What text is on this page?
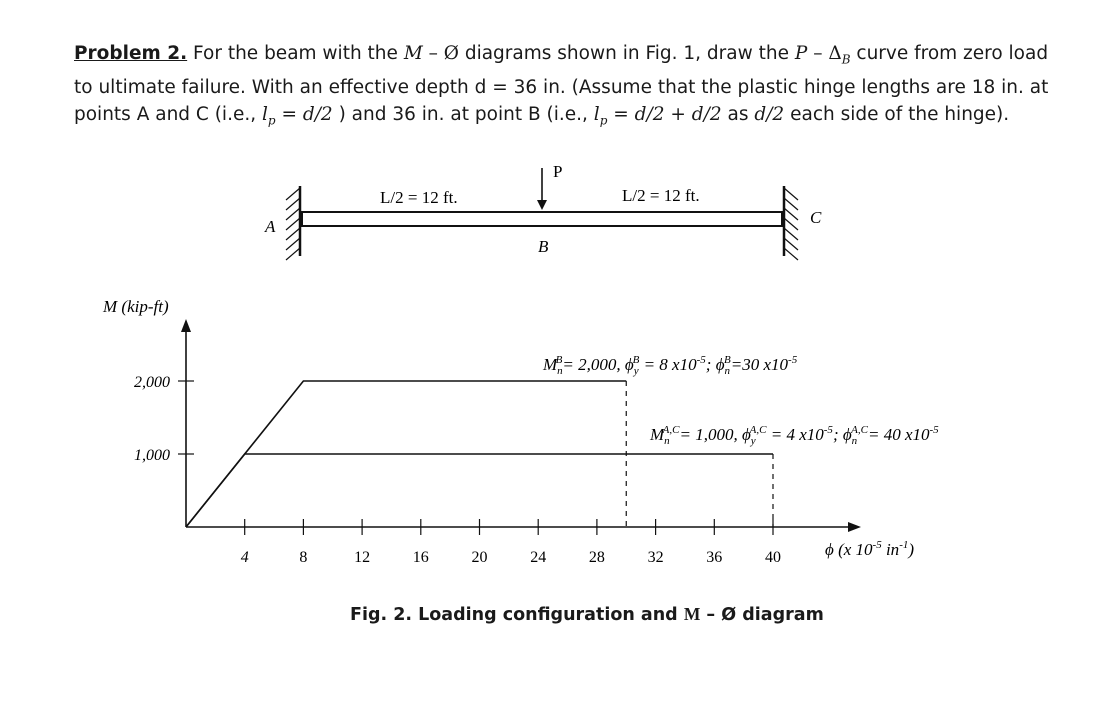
Problem 2. For the beam with the M – Ø diagrams shown in Fig. 1, draw the P – $\Delta_B$ curve from zero load to ultimate failure. With an effective depth d = 36 in. (Assume that the plastic hinge lengths are 18 in. at points A and C (i.e., $l_p = d/2$ ) and 36 in. at point B (i.e., $l_p = d/2 + d/2$ as d/2 each side of the hinge).
P
L/2 = 12 ft.	L/2 = 12 ft.
A
B
C
M (kip-ft)
4	8	12	16	20	24	28	32	36	40
1,000
2,000
$M_nB= 2,000$, $\phi_yB = 8$ $x10^{-5}$; $\phi_nB=30$ $x10^{-5}$
$M_nA,C= 1,000$, $\phi_yA,C = 4$ $x10^{-5}$; $\phi_nA,C= 40$ $x10^{-5}$
ϕ (x $10^{-5}$ $in^{-1}$)
Fig. 2. Loading configuration and M – Ø diagram
